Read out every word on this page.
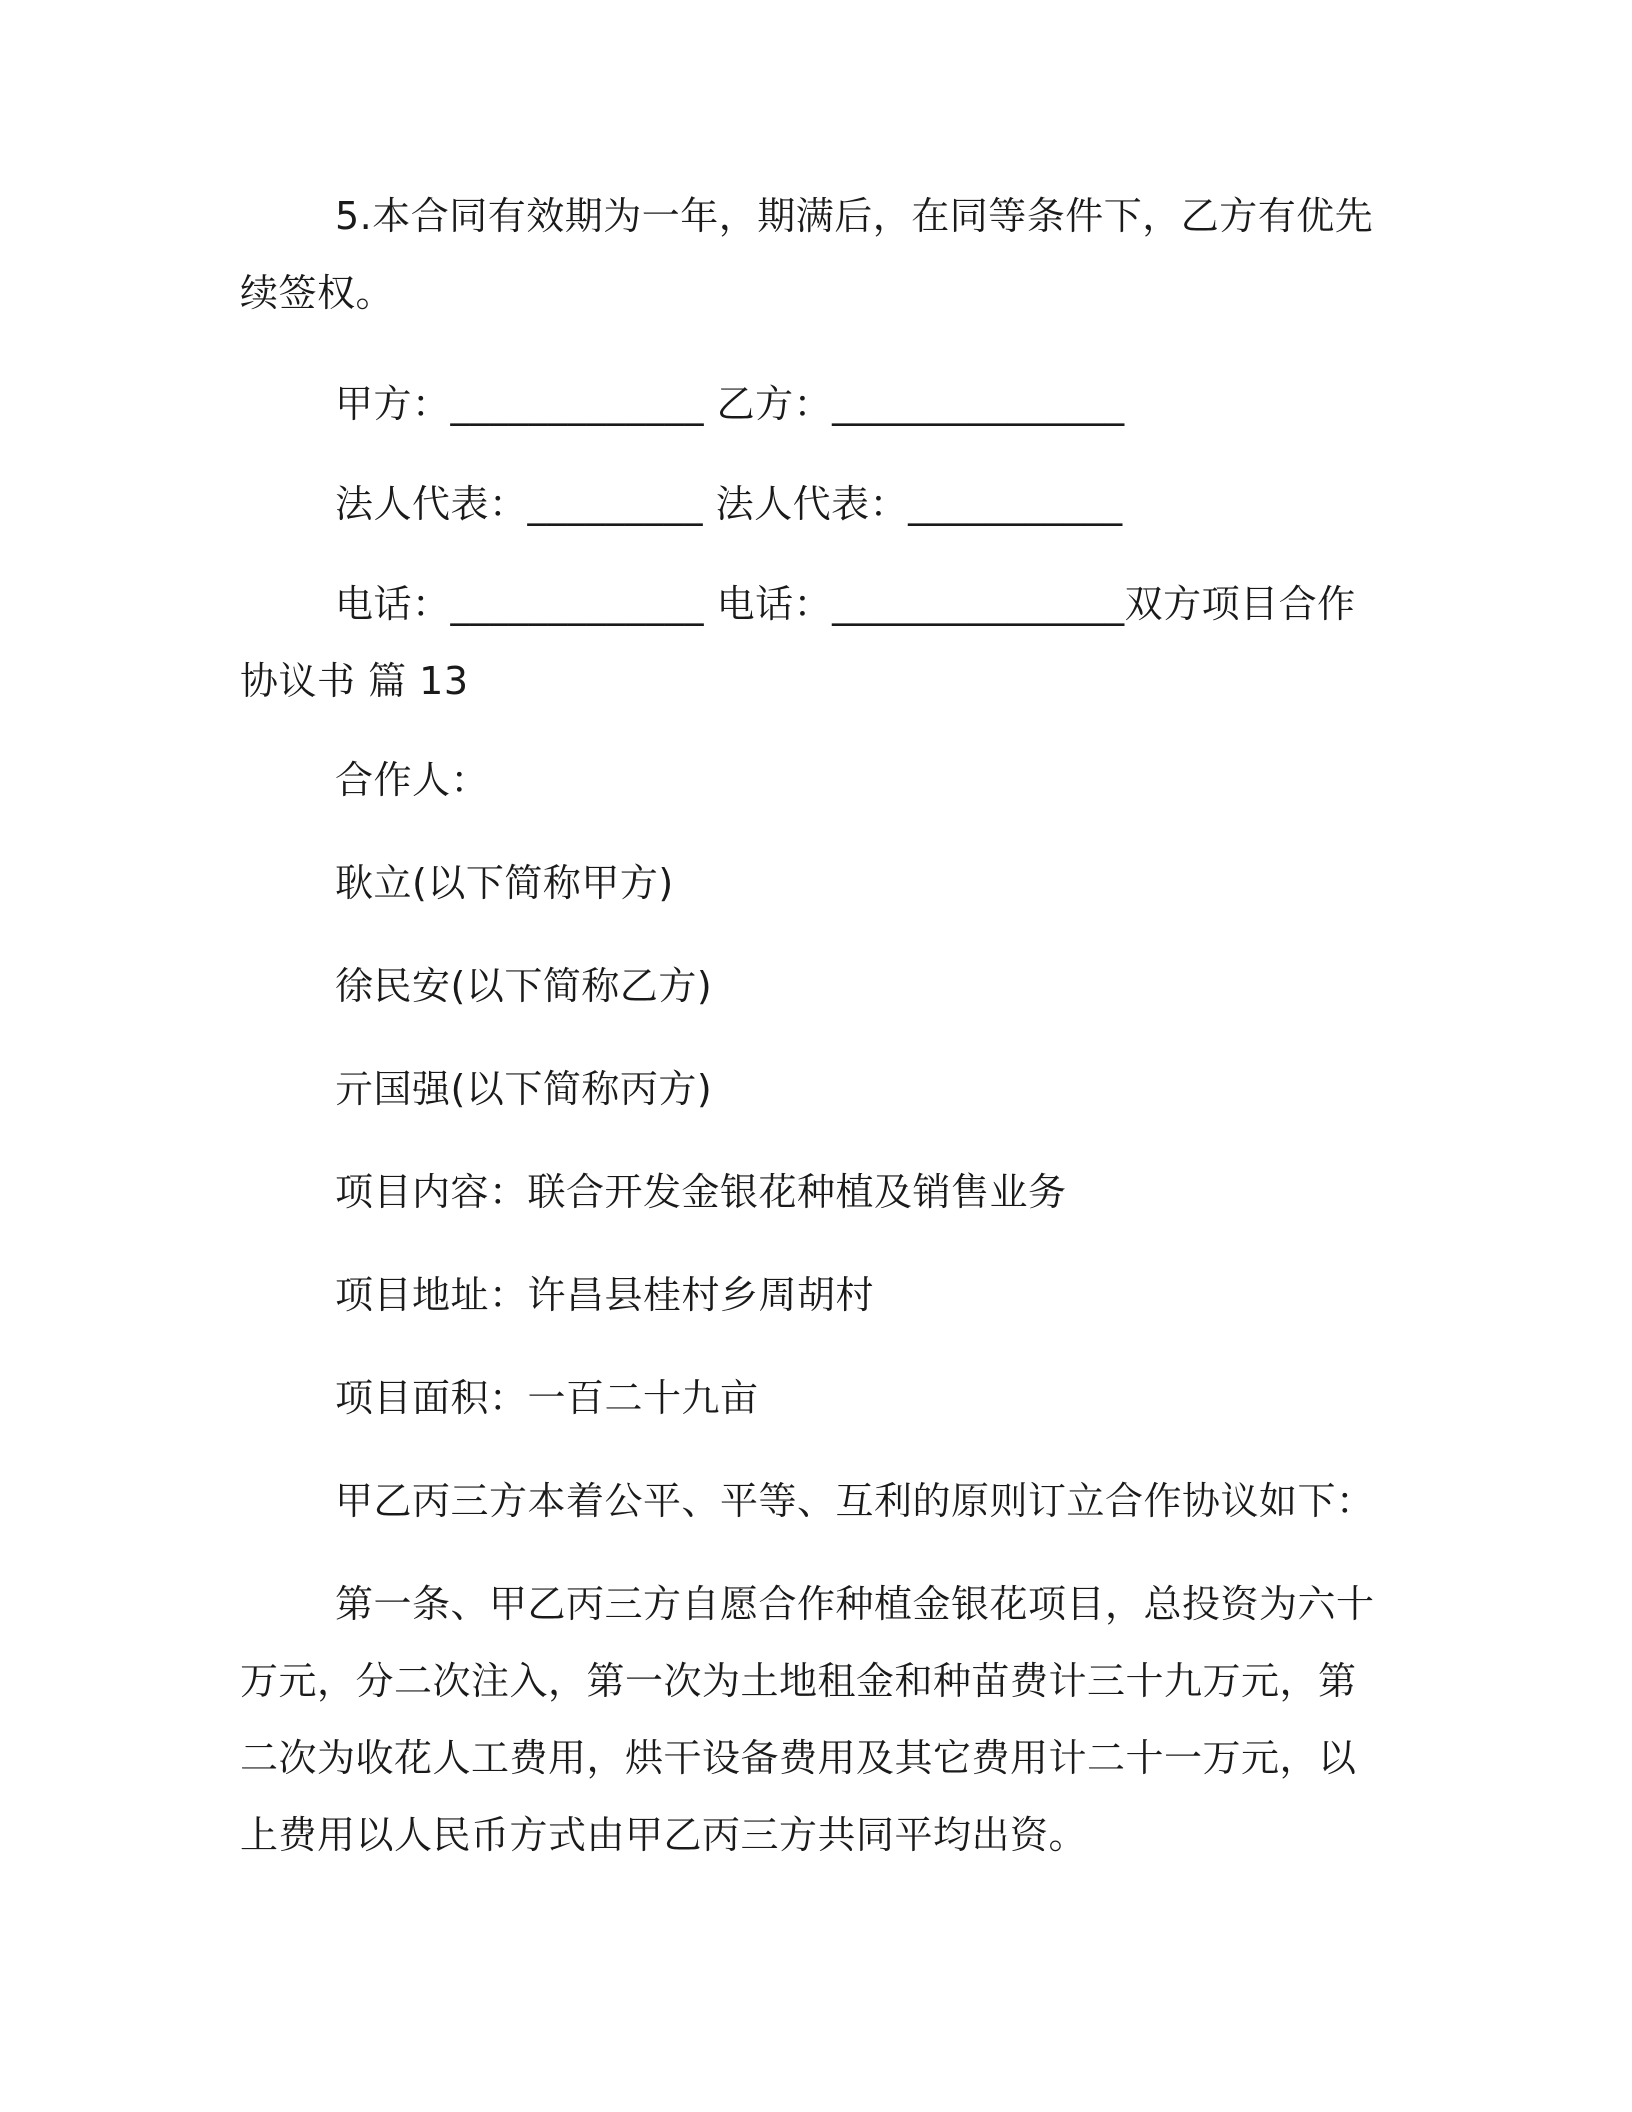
5.本合同有效期为一年，期满后，在同等条件下，乙方有优先续签权。

甲方：_____________ 乙方：_______________

法人代表：_________ 法人代表：___________

电话：_____________ 电话：_______________双方项目合作协议书 篇 13

合作人：

耿立(以下简称甲方)

徐民安(以下简称乙方)

亓国强(以下简称丙方)

项目内容：联合开发金银花种植及销售业务

项目地址：许昌县桂村乡周胡村

项目面积：一百二十九亩

甲乙丙三方本着公平、平等、互利的原则订立合作协议如下：

第一条、甲乙丙三方自愿合作种植金银花项目，总投资为六十万元，分二次注入，第一次为土地租金和种苗费计三十九万元，第二次为收花人工费用，烘干设备费用及其它费用计二十一万元，以上费用以人民币方式由甲乙丙三方共同平均出资。
